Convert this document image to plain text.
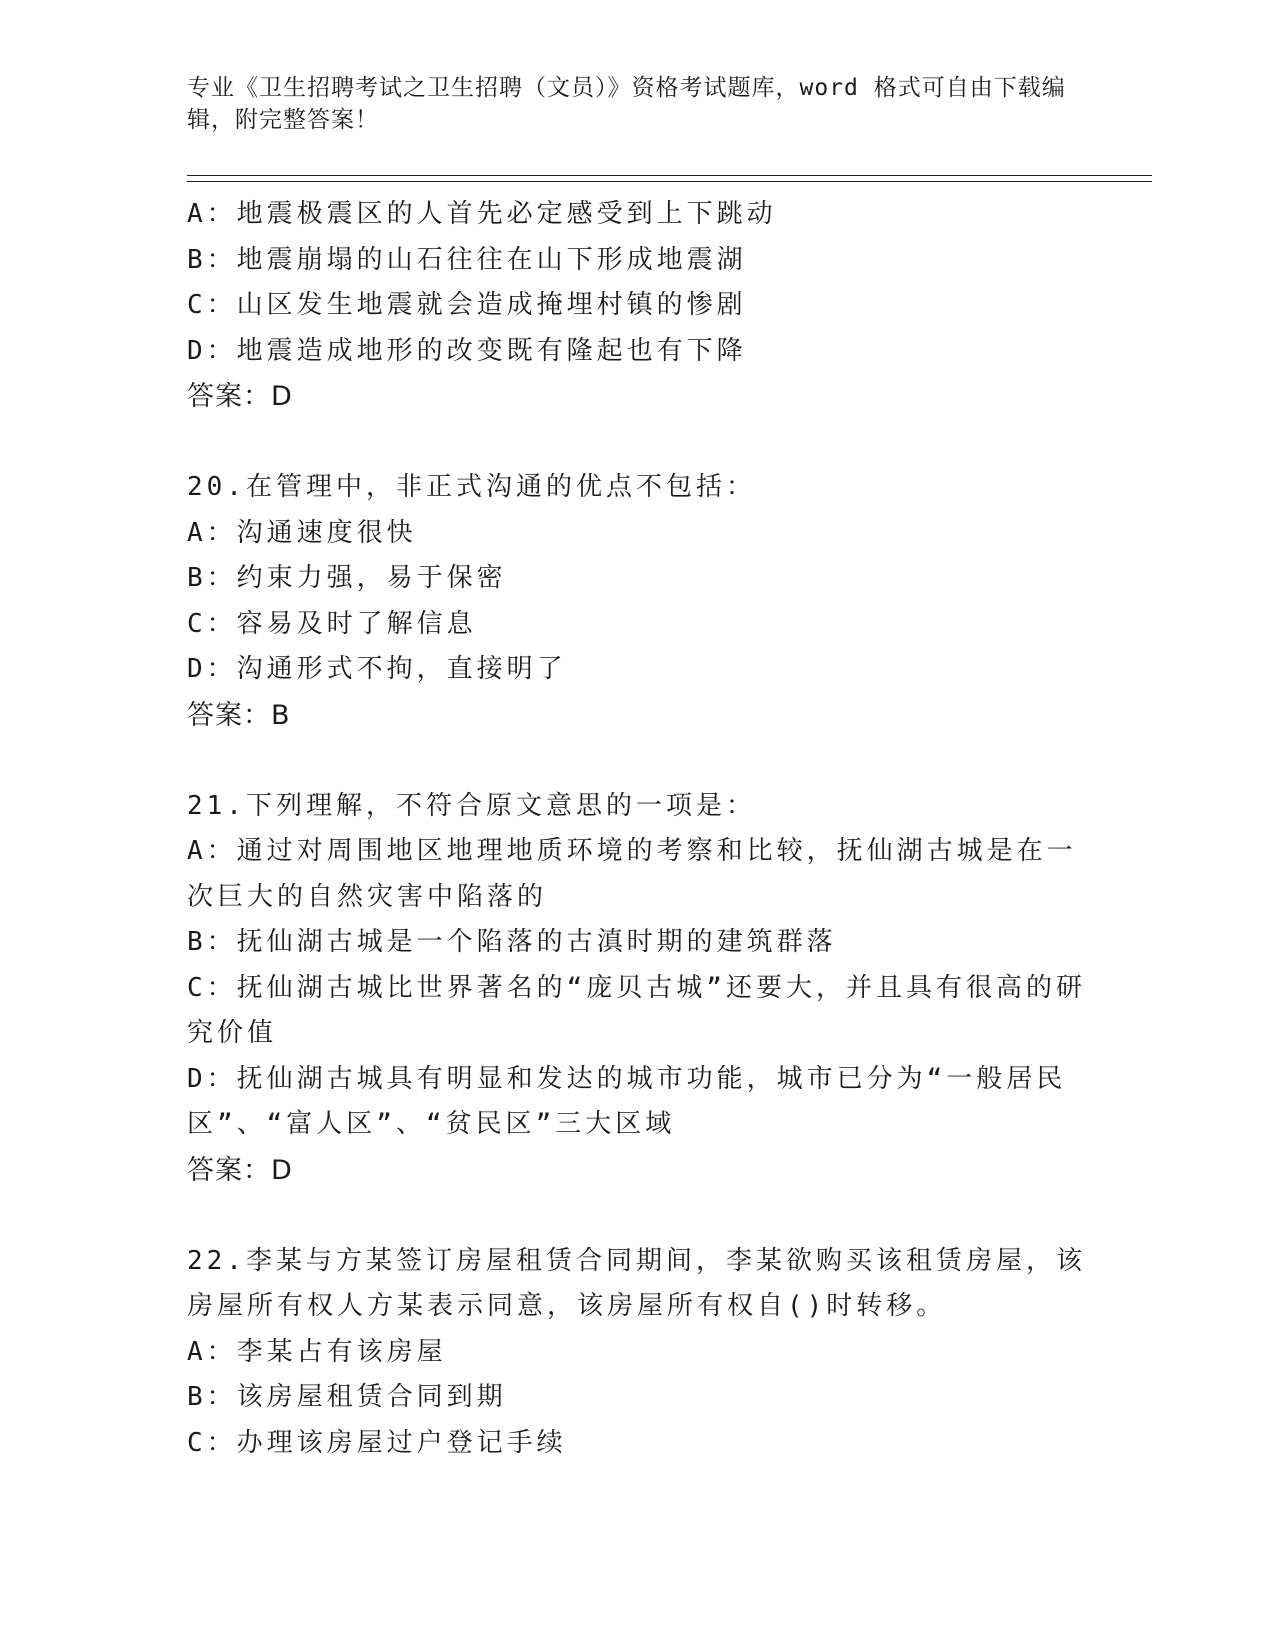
专业《卫生招聘考试之卫生招聘（文员）》资格考试题库，word 格式可自由下载编辑，附完整答案！
A：地震极震区的人首先必定感受到上下跳动
B：地震崩塌的山石往往在山下形成地震湖
C：山区发生地震就会造成掩埋村镇的惨剧
D：地震造成地形的改变既有隆起也有下降
答案：D
20.在管理中，非正式沟通的优点不包括：
A：沟通速度很快
B：约束力强，易于保密
C：容易及时了解信息
D：沟通形式不拘，直接明了
答案：B
21.下列理解，不符合原文意思的一项是：
A：通过对周围地区地理地质环境的考察和比较，抚仙湖古城是在一次巨大的自然灾害中陷落的
B：抚仙湖古城是一个陷落的古滇时期的建筑群落
C：抚仙湖古城比世界著名的“庞贝古城”还要大，并且具有很高的研究价值
D：抚仙湖古城具有明显和发达的城市功能，城市已分为“一般居民区”、“富人区”、“贫民区”三大区域
答案：D
22.李某与方某签订房屋租赁合同期间，李某欲购买该租赁房屋，该房屋所有权人方某表示同意，该房屋所有权自()时转移。
A：李某占有该房屋
B：该房屋租赁合同到期
C：办理该房屋过户登记手续
